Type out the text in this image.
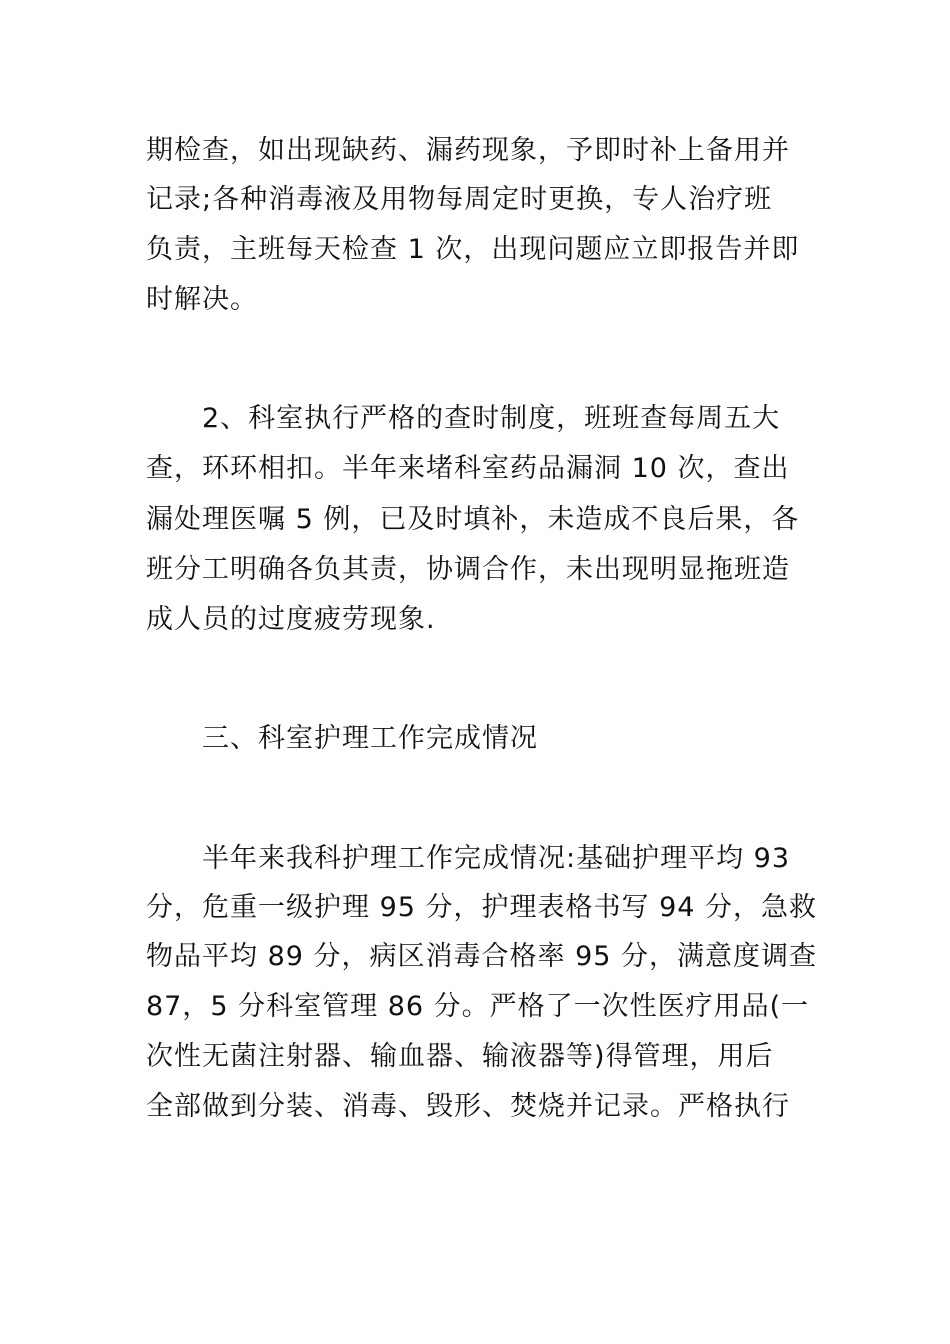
期检查，如出现缺药、漏药现象，予即时补上备用并

记录;各种消毒液及用物每周定时更换，专人治疗班

负责，主班每天检查 1 次，出现问题应立即报告并即

时解决。

2、科室执行严格的查时制度，班班查每周五大

查，环环相扣。半年来堵科室药品漏洞 10 次，查出

漏处理医嘱 5 例，已及时填补，未造成不良后果，各

班分工明确各负其责，协调合作，未出现明显拖班造

成人员的过度疲劳现象.

三、科室护理工作完成情况

半年来我科护理工作完成情况:基础护理平均 93

分，危重一级护理 95 分，护理表格书写 94 分，急救

物品平均 89 分，病区消毒合格率 95 分，满意度调查

87，5 分科室管理 86 分。严格了一次性医疗用品(一

次性无菌注射器、输血器、输液器等)得管理，用后

全部做到分装、消毒、毁形、焚烧并记录。严格执行
